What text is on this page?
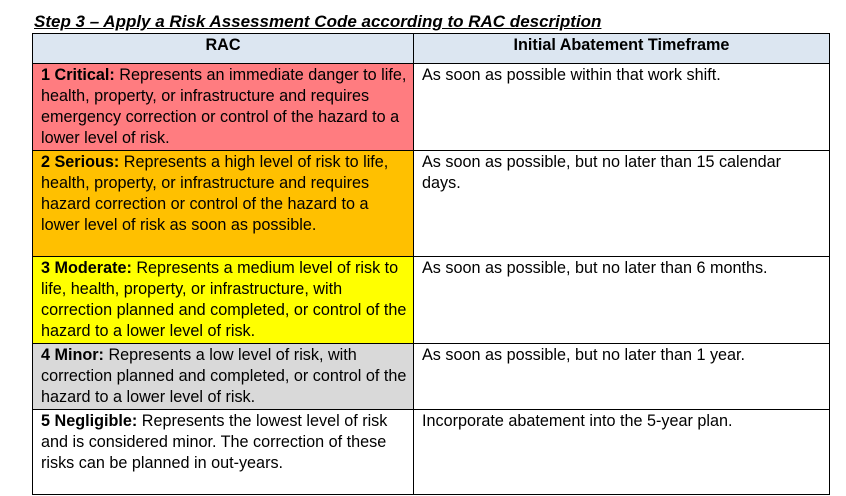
Step 3 – Apply a Risk Assessment Code according to RAC description
RAC	Initial Abatement Timeframe
1 Critical: Represents an immediate danger to life, health, property, or infrastructure and requires emergency correction or control of the hazard to a lower level of risk.	As soon as possible within that work shift.
2 Serious: Represents a high level of risk to life, health, property, or infrastructure and requires hazard correction or control of the hazard to a lower level of risk as soon as possible.	As soon as possible, but no later than 15 calendar days.
3 Moderate: Represents a medium level of risk to life, health, property, or infrastructure, with correction planned and completed, or control of the hazard to a lower level of risk.	As soon as possible, but no later than 6 months.
4 Minor: Represents a low level of risk, with correction planned and completed, or control of the hazard to a lower level of risk.	As soon as possible, but no later than 1 year.
5 Negligible: Represents the lowest level of risk and is considered minor. The correction of these risks can be planned in out-years.	Incorporate abatement into the 5-year plan.
